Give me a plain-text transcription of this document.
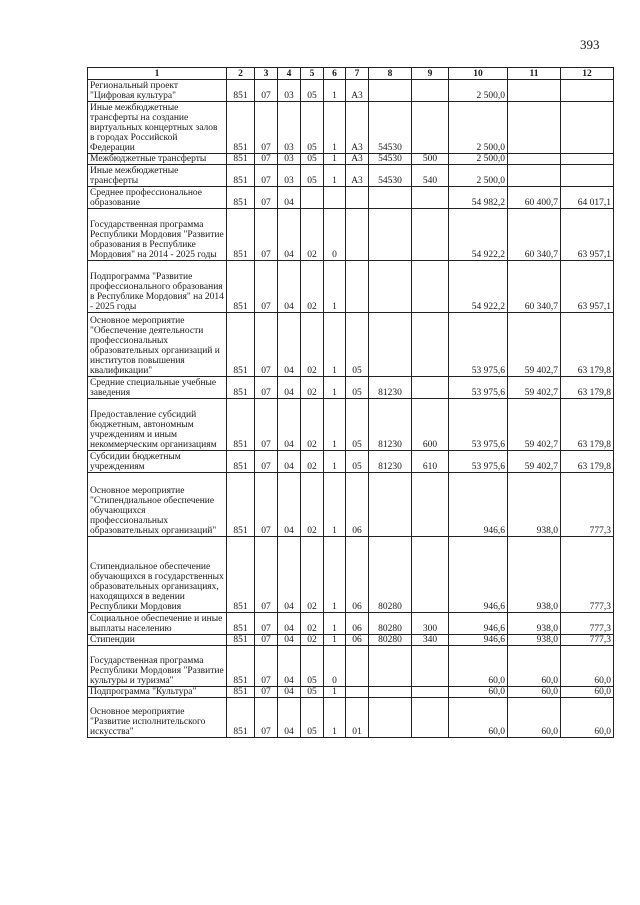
393
1	2	3	4	5	6	7	8	9	10	11	12
Региональный проект "Цифровая культура"	851	07	03	05	1	А3			2 500,0		
Иные межбюджетные трансферты на создание виртуальных концертных залов в городах Российской Федерации	851	07	03	05	1	А3	54530		2 500,0		
Межбюджетные трансферты	851	07	03	05	1	А3	54530	500	2 500,0		
Иные межбюджетные трансферты	851	07	03	05	1	А3	54530	540	2 500,0		
Среднее профессиональное образование	851	07	04						54 982,2	60 400,7	64 017,1
Государственная программа Республики Мордовия "Развитие образования в Республике Мордовия" на 2014 - 2025 годы	851	07	04	02	0				54 922,2	60 340,7	63 957,1
Подпрограмма "Развитие профессионального образования в Республике Мордовия" на 2014 - 2025 годы	851	07	04	02	1				54 922,2	60 340,7	63 957,1
Основное мероприятие "Обеспечение деятельности профессиональных образовательных организаций и институтов повышения квалификации"	851	07	04	02	1	05			53 975,6	59 402,7	63 179,8
Средние специальные учебные заведения	851	07	04	02	1	05	81230		53 975,6	59 402,7	63 179,8
Предоставление субсидий бюджетным, автономным учреждениям и иным некоммерческим организациям	851	07	04	02	1	05	81230	600	53 975,6	59 402,7	63 179,8
Субсидии бюджетным учреждениям	851	07	04	02	1	05	81230	610	53 975,6	59 402,7	63 179,8
Основное мероприятие "Стипендиальное обеспечение обучающихся профессиональных образовательных организаций"	851	07	04	02	1	06			946,6	938,0	777,3
Стипендиальное обеспечение обучающихся в государственных образовательных организациях, находящихся в ведении Республики Мордовия	851	07	04	02	1	06	80280		946,6	938,0	777,3
Социальное обеспечение и иные выплаты населению	851	07	04	02	1	06	80280	300	946,6	938,0	777,3
Стипендии	851	07	04	02	1	06	80280	340	946,6	938,0	777,3
Государственная программа Республики Мордовия "Развитие культуры и туризма"	851	07	04	05	0				60,0	60,0	60,0
Подпрограмма "Культура"	851	07	04	05	1				60,0	60,0	60,0
Основное мероприятие "Развитие исполнительского искусства"	851	07	04	05	1	01			60,0	60,0	60,0
